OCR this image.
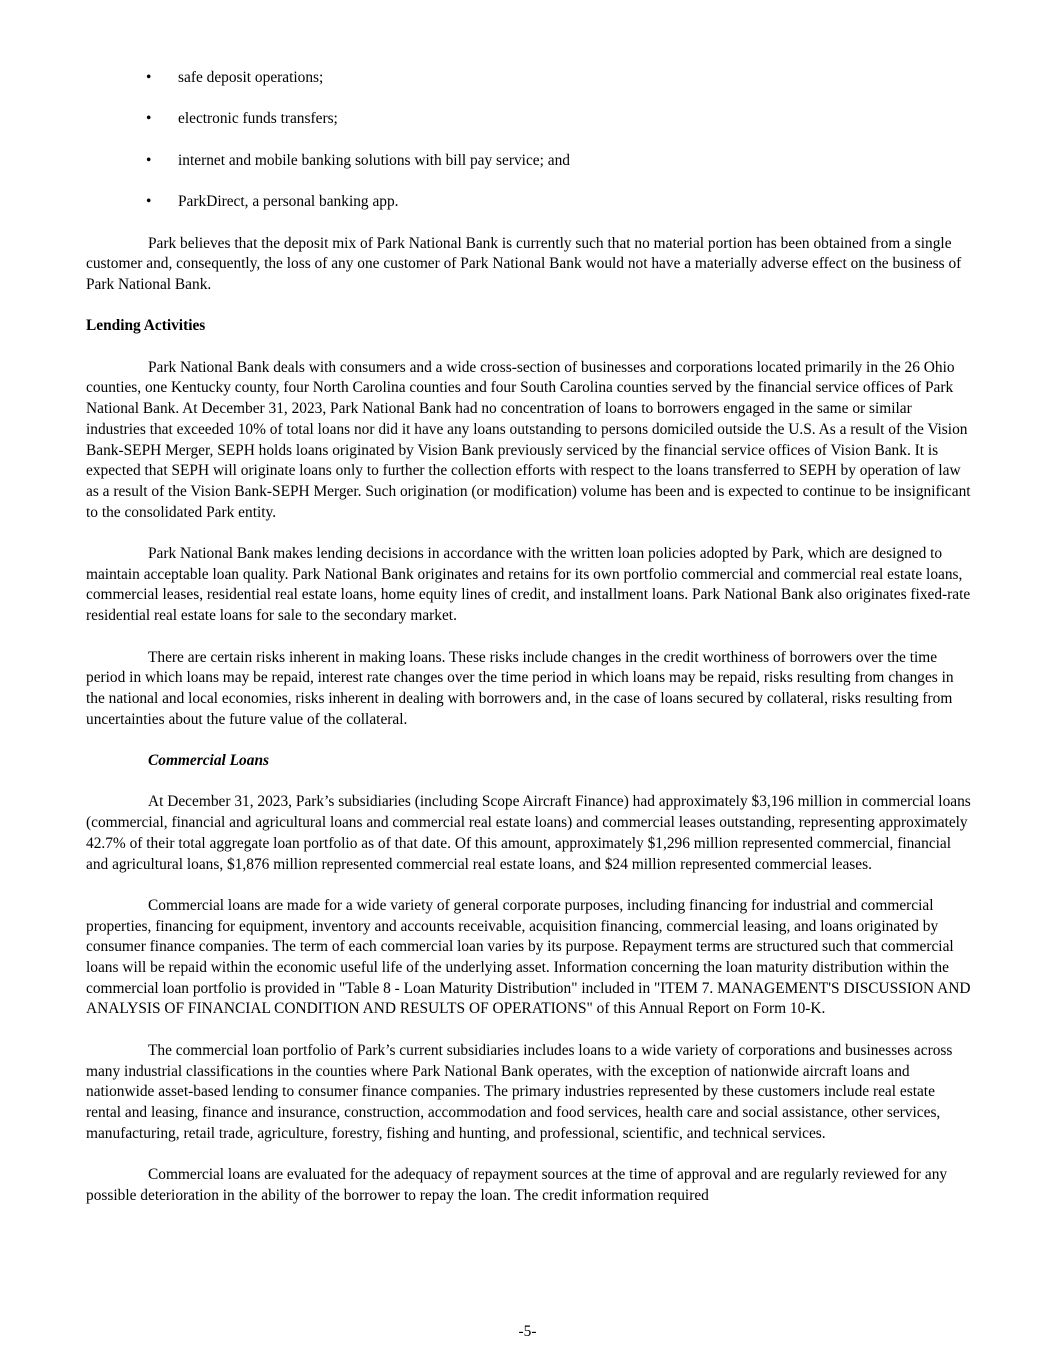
• safe deposit operations;
• electronic funds transfers;
• internet and mobile banking solutions with bill pay service; and
• ParkDirect, a personal banking app.

Park believes that the deposit mix of Park National Bank is currently such that no material portion has been obtained from a single customer and, consequently, the loss of any one customer of Park National Bank would not have a materially adverse effect on the business of Park National Bank.

Lending Activities

Park National Bank deals with consumers and a wide cross-section of businesses and corporations located primarily in the 26 Ohio counties, one Kentucky county, four North Carolina counties and four South Carolina counties served by the financial service offices of Park National Bank. At December 31, 2023, Park National Bank had no concentration of loans to borrowers engaged in the same or similar industries that exceeded 10% of total loans nor did it have any loans outstanding to persons domiciled outside the U.S. As a result of the Vision Bank-SEPH Merger, SEPH holds loans originated by Vision Bank previously serviced by the financial service offices of Vision Bank. It is expected that SEPH will originate loans only to further the collection efforts with respect to the loans transferred to SEPH by operation of law as a result of the Vision Bank-SEPH Merger. Such origination (or modification) volume has been and is expected to continue to be insignificant to the consolidated Park entity.

Park National Bank makes lending decisions in accordance with the written loan policies adopted by Park, which are designed to maintain acceptable loan quality. Park National Bank originates and retains for its own portfolio commercial and commercial real estate loans, commercial leases, residential real estate loans, home equity lines of credit, and installment loans. Park National Bank also originates fixed-rate residential real estate loans for sale to the secondary market.

There are certain risks inherent in making loans. These risks include changes in the credit worthiness of borrowers over the time period in which loans may be repaid, interest rate changes over the time period in which loans may be repaid, risks resulting from changes in the national and local economies, risks inherent in dealing with borrowers and, in the case of loans secured by collateral, risks resulting from uncertainties about the future value of the collateral.

Commercial Loans

At December 31, 2023, Park’s subsidiaries (including Scope Aircraft Finance) had approximately $3,196 million in commercial loans (commercial, financial and agricultural loans and commercial real estate loans) and commercial leases outstanding, representing approximately 42.7% of their total aggregate loan portfolio as of that date. Of this amount, approximately $1,296 million represented commercial, financial and agricultural loans, $1,876 million represented commercial real estate loans, and $24 million represented commercial leases.

Commercial loans are made for a wide variety of general corporate purposes, including financing for industrial and commercial properties, financing for equipment, inventory and accounts receivable, acquisition financing, commercial leasing, and loans originated by consumer finance companies. The term of each commercial loan varies by its purpose. Repayment terms are structured such that commercial loans will be repaid within the economic useful life of the underlying asset. Information concerning the loan maturity distribution within the commercial loan portfolio is provided in "Table 8 - Loan Maturity Distribution" included in "ITEM 7. MANAGEMENT'S DISCUSSION AND ANALYSIS OF FINANCIAL CONDITION AND RESULTS OF OPERATIONS" of this Annual Report on Form 10-K.

The commercial loan portfolio of Park’s current subsidiaries includes loans to a wide variety of corporations and businesses across many industrial classifications in the counties where Park National Bank operates, with the exception of nationwide aircraft loans and nationwide asset-based lending to consumer finance companies. The primary industries represented by these customers include real estate rental and leasing, finance and insurance, construction, accommodation and food services, health care and social assistance, other services, manufacturing, retail trade, agriculture, forestry, fishing and hunting, and professional, scientific, and technical services.

Commercial loans are evaluated for the adequacy of repayment sources at the time of approval and are regularly reviewed for any possible deterioration in the ability of the borrower to repay the loan. The credit information required

-5-
